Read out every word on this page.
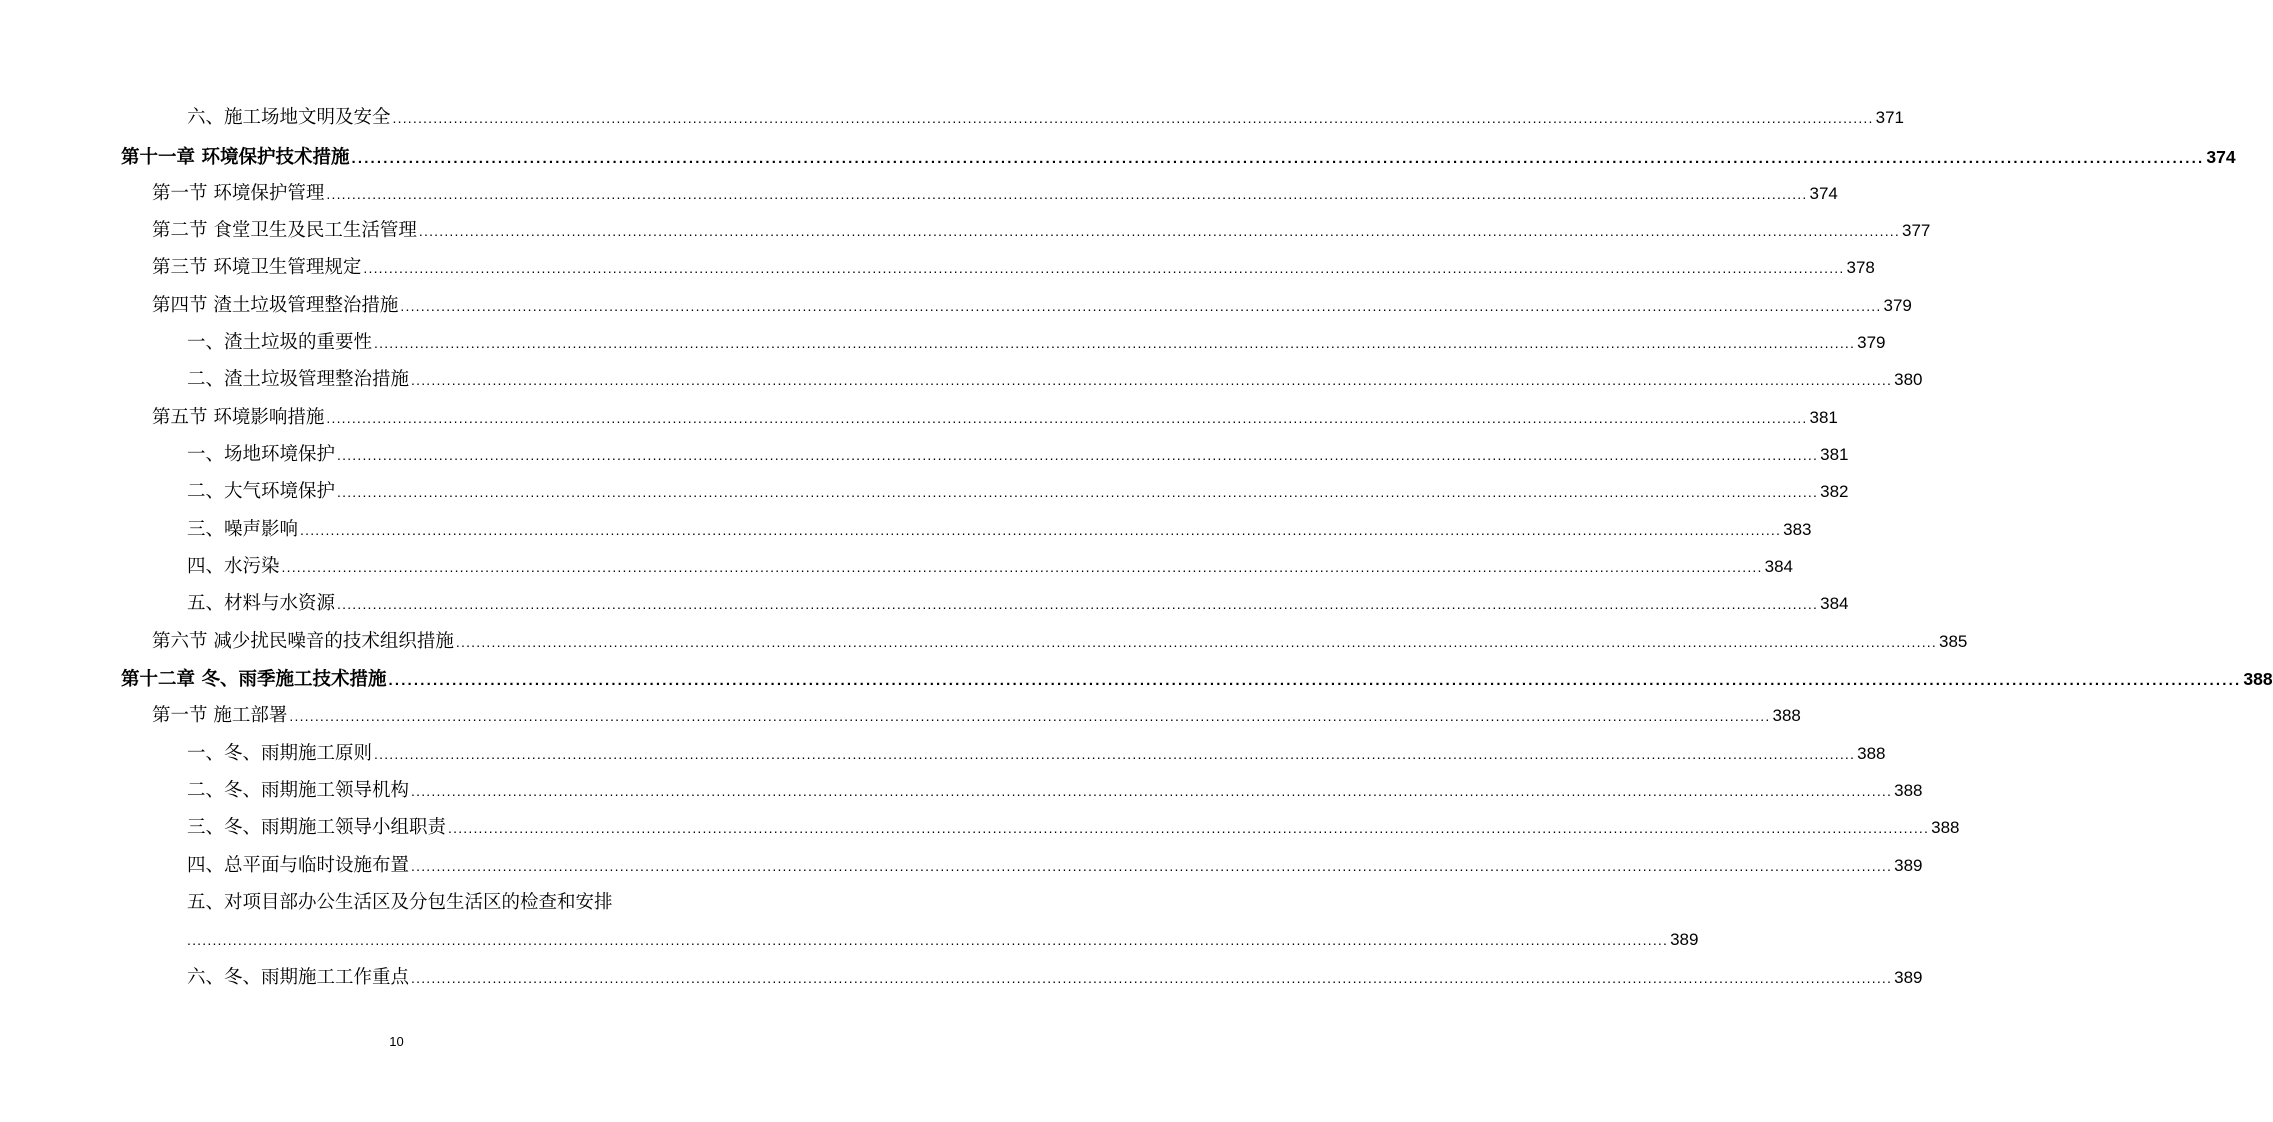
六、施工场地文明及安全 ................................................................................................................................................................................................................................................................................................... 371
第十一章 环境保护技术措施 ................................................................................................................................................................................................................................................................................................... 374
第一节 环境保护管理 ................................................................................................................................................................................................................................................................................................... 374
第二节 食堂卫生及民工生活管理 ................................................................................................................................................................................................................................................................................................... 377
第三节 环境卫生管理规定 ................................................................................................................................................................................................................................................................................................... 378
第四节 渣土垃圾管理整治措施 ................................................................................................................................................................................................................................................................................................... 379
一、渣土垃圾的重要性 ................................................................................................................................................................................................................................................................................................... 379
二、渣土垃圾管理整治措施 ................................................................................................................................................................................................................................................................................................... 380
第五节 环境影响措施 ................................................................................................................................................................................................................................................................................................... 381
一、场地环境保护 ................................................................................................................................................................................................................................................................................................... 381
二、大气环境保护 ................................................................................................................................................................................................................................................................................................... 382
三、噪声影响 ................................................................................................................................................................................................................................................................................................... 383
四、水污染 ................................................................................................................................................................................................................................................................................................... 384
五、材料与水资源 ................................................................................................................................................................................................................................................................................................... 384
第六节 减少扰民噪音的技术组织措施 ................................................................................................................................................................................................................................................................................................... 385
第十二章 冬、雨季施工技术措施 ................................................................................................................................................................................................................................................................................................... 388
第一节 施工部署 ................................................................................................................................................................................................................................................................................................... 388
一、冬、雨期施工原则 ................................................................................................................................................................................................................................................................................................... 388
二、冬、雨期施工领导机构 ................................................................................................................................................................................................................................................................................................... 388
三、冬、雨期施工领导小组职责 ................................................................................................................................................................................................................................................................................................... 388
四、总平面与临时设施布置 ................................................................................................................................................................................................................................................................................................... 389
五、对项目部办公生活区及分包生活区的检查和安排
................................................................................................................................................................................................................................................................................................... 389
六、冬、雨期施工工作重点 ................................................................................................................................................................................................................................................................................................... 389
10
